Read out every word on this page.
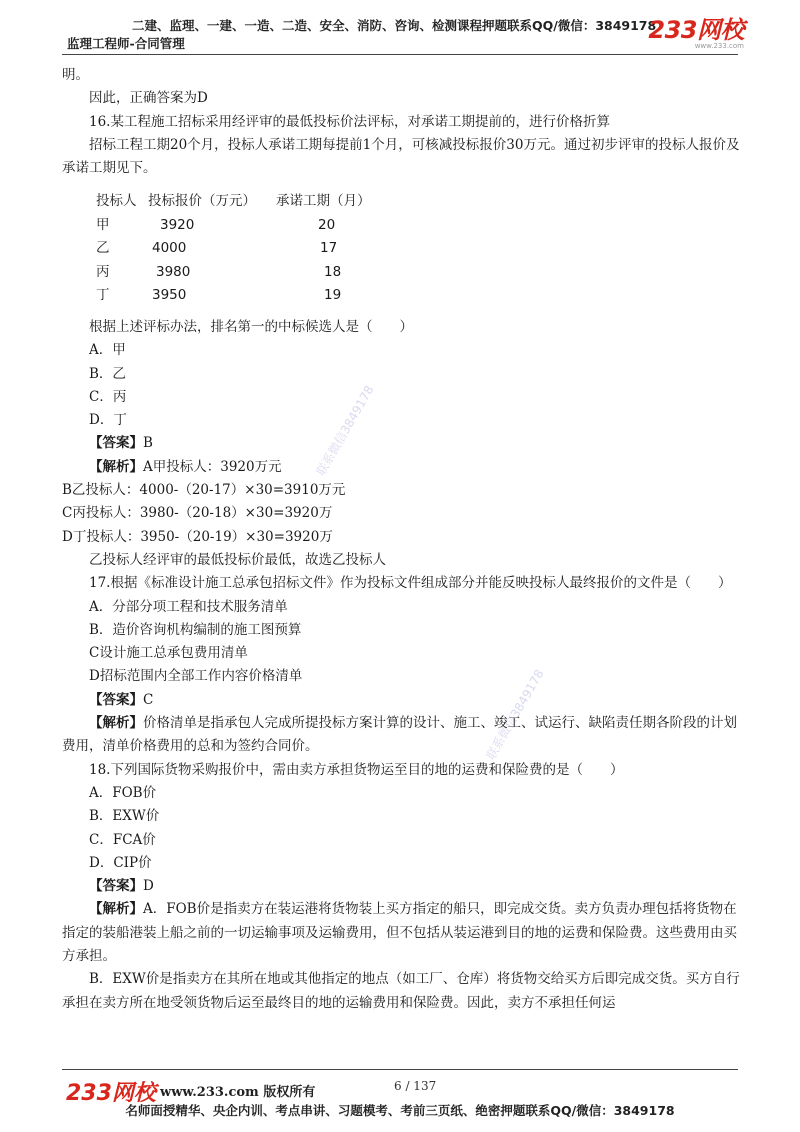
二建、监理、一建、一造、二造、安全、消防、咨询、检测课程押题联系QQ/微信：3849178
监理工程师-合同管理	233网校
www.233.com
联系微信3849178
联系微信3849178

明。

因此，正确答案为D

16.某工程施工招标采用经评审的最低投标价法评标，对承诺工期提前的，进行价格折算

招标工程工期20个月，投标人承诺工期每提前1个月，可核减投标报价30万元。通过初步评审的投标人报价及承诺工期见下。

投标人 投标报价（万元）	承诺工期（月）
甲	3920	20
乙	4000	17
丙	3980	18
丁	3950	19

根据上述评标办法，排名第一的中标候选人是（　　）

A．甲

B．乙

C．丙

D．丁

【答案】B

【解析】A甲投标人：3920万元

B乙投标人：4000-（20-17）×30=3910万元

C丙投标人：3980-（20-18）×30=3920万

D丁投标人：3950-（20-19）×30=3920万

乙投标人经评审的最低投标价最低，故选乙投标人

17.根据《标准设计施工总承包招标文件》作为投标文件组成部分并能反映投标人最终报价的文件是（　　）

A．分部分项工程和技术服务清单

B．造价咨询机构编制的施工图预算

C设计施工总承包费用清单

D招标范围内全部工作内容价格清单

【答案】C

【解析】价格清单是指承包人完成所提投标方案计算的设计、施工、竣工、试运行、缺陷责任期各阶段的计划费用，清单价格费用的总和为签约合同价。

18.下列国际货物采购报价中，需由卖方承担货物运至目的地的运费和保险费的是（　　）

A．FOB价

B．EXW价

C．FCA价

D．CIP价

【答案】D

【解析】A．FOB价是指卖方在装运港将货物装上买方指定的船只，即完成交货。卖方负责办理包括将货物在指定的装船港装上船之前的一切运输事项及运输费用，但不包括从装运港到目的地的运费和保险费。这些费用由买方承担。

B．EXW价是指卖方在其所在地或其他指定的地点（如工厂、仓库）将货物交给买方后即完成交货。买方自行承担在卖方所在地受领货物后运至最终目的地的运输费用和保险费。因此，卖方不承担任何运

233网校 www.233.com 版权所有	6 / 137
名师面授精华、央企内训、考点串讲、习题模考、考前三页纸、绝密押题联系QQ/微信：3849178
